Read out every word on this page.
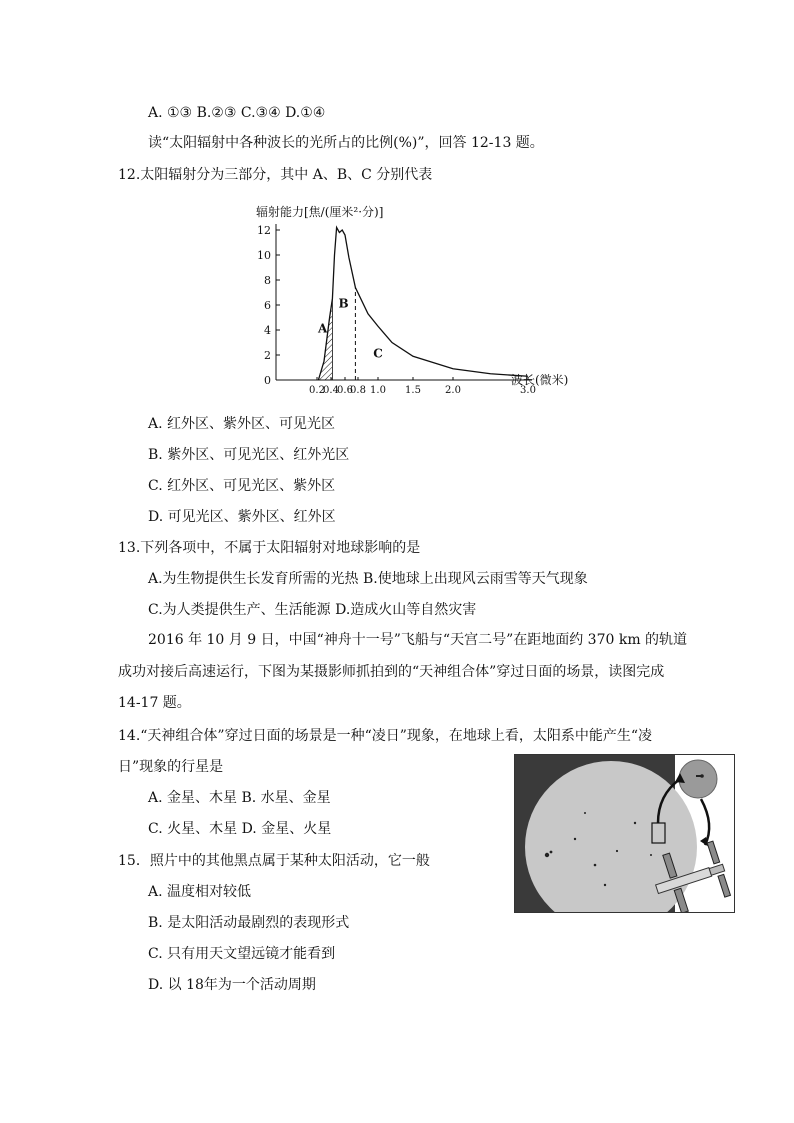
A. ①③ B.②③ C.③④ D.①④
读“太阳辐射中各种波长的光所占的比例(%)”，回答 12-13 题。
12.太阳辐射分为三部分，其中 A、B、C 分别代表
A. 红外区、紫外区、可见光区
B. 紫外区、可见光区、红外光区
C. 红外区、可见光区、紫外区
D. 可见光区、紫外区、红外区
13.下列各项中，不属于太阳辐射对地球影响的是
A.为生物提供生长发育所需的光热 B.使地球上出现风云雨雪等天气现象
C.为人类提供生产、生活能源 D.造成火山等自然灾害
2016 年 10 月 9 日，中国“神舟十一号”飞船与“天宫二号”在距地面约 370 km 的轨道
成功对接后高速运行，下图为某摄影师抓拍到的“天神组合体”穿过日面的场景，读图完成
14-17 题。
14.“天神组合体”穿过日面的场景是一种“凌日”现象，在地球上看，太阳系中能产生“凌
日”现象的行星是
A. 金星、木星 B. 水星、金星
C. 火星、木星 D. 金星、火星
15．照片中的其他黑点属于某种太阳活动，它一般
A. 温度相对较低
B. 是太阳活动最剧烈的表现形式
C. 只有用天文望远镜才能看到
D. 以 18年为一个活动周期
辐射能力[焦/(厘米²·分)]
波长(微米)
0
2
4
6
8
10
12
0.2
0.4
0.6
0.8 1.0 1.5 2.0	3.0
A
B
C
